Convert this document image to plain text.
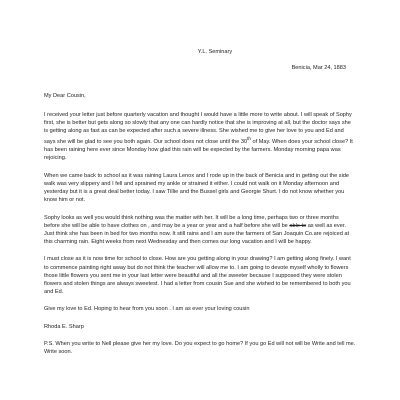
Y.L. Seminary
Benicia, Mar 24, 1883
My Dear Cousin,

I received your letter just before quarterly vacation and thought I would have a little more to write about. I will speak of Sophy first, she is better but gets along so slowly that any one can hardly notice that she is improving at all, but the doctor says she is getting along as fast as can be expected after such a severe illness. She wished me to give her love to you and Ed and says she will be glad to see you both again. Our school does not close until the 30th of May. When does your school close? It has been raining here ever since Monday how glad this rain will be expected by the farmers. Monday morning papa was rejoicing.

When we came back to school as it was raining Laura Lenox and I rode up in the back of Benicia and in getting out the side walk was very slippery and I fell and sprained my ankle or strained it either. I could not walk on it Monday afternoon and yesterday but it is a great deal better today. I saw Tillie and the Bussel girls and Georgie Shurt. I do not know whether you know him or not.

Sophy looks as well you would think nothing was the matter with her. It will be a long time, perhaps two or three months before she will be able to have clothes on , and may be a year or year and a half before she will be able to as well as ever. Just think she has been in bed for two months now. It still rains and I am sure the farmers of San Joaquin Co.are rejoiced at this charming rain. Eight weeks from next Wednesday and then comes our long vacation and I will be happy.

I must close as it is now time for school to close. How are you getting along in your drawing? I am getting along finely. I want to commence painting right away but do not think the teacher will allow me to. I am going to devote myself wholly to flowers those little flowers you sent me in your last letter were beautiful and all the sweeter because I supposed they were stolen flowers and stolen things are always sweetest. I had a letter from cousin Sue and she wished to be remembered to both you and Ed.

Give my love to Ed. Hoping to hear from you soon . I am as ever your loving cousin

Rhoda E. Sharp

P.S. When you write to Nell please give her my love. Do you expect to go home? If you go Ed will not will be Write and tell me. Write soon.
